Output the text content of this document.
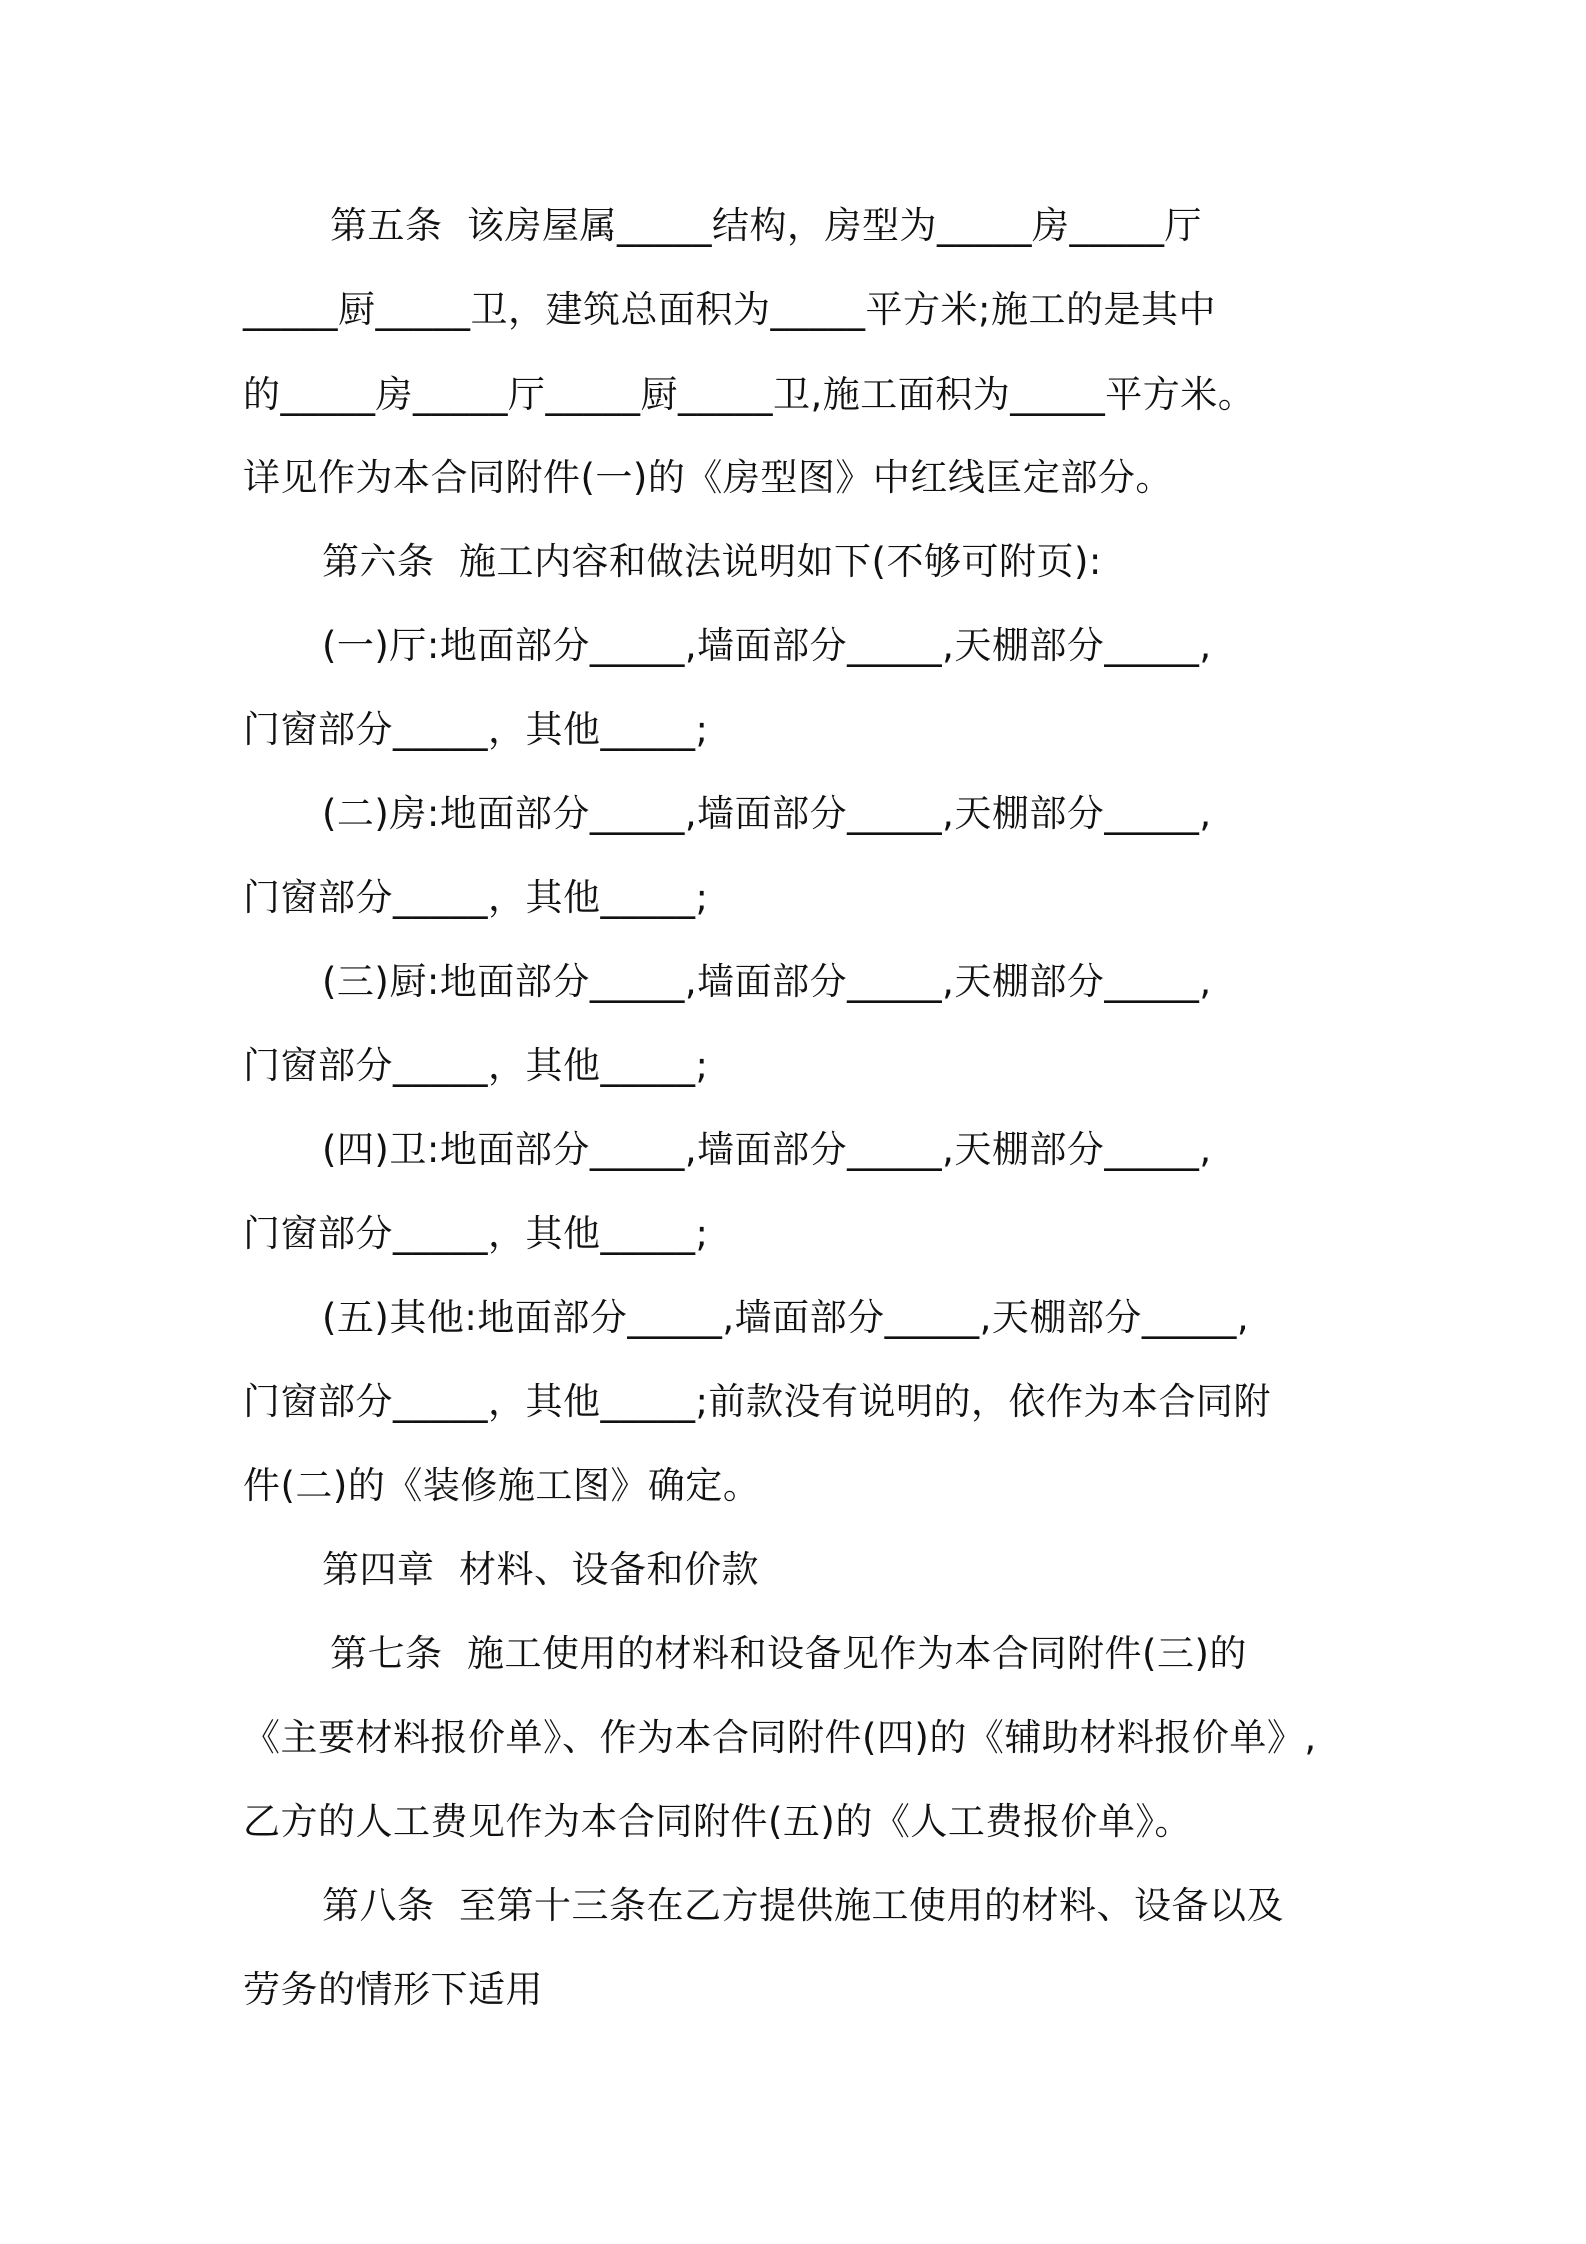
第五条  该房屋属_____结构，房型为_____房_____厅

_____厨_____卫，建筑总面积为_____平方米;施工的是其中

的_____房_____厅_____厨_____卫,施工面积为_____平方米。

详见作为本合同附件(一)的《房型图》中红线匡定部分。

第六条  施工内容和做法说明如下(不够可附页):

(一)厅:地面部分_____,墙面部分_____,天棚部分_____,

门窗部分_____，其他_____;

(二)房:地面部分_____,墙面部分_____,天棚部分_____,

门窗部分_____，其他_____;

(三)厨:地面部分_____,墙面部分_____,天棚部分_____,

门窗部分_____，其他_____;

(四)卫:地面部分_____,墙面部分_____,天棚部分_____,

门窗部分_____，其他_____;

(五)其他:地面部分_____,墙面部分_____,天棚部分_____,

门窗部分_____，其他_____;前款没有说明的，依作为本合同附

件(二)的《装修施工图》确定。

第四章  材料、设备和价款

第七条  施工使用的材料和设备见作为本合同附件(三)的

《主要材料报价单》、作为本合同附件(四)的《辅助材料报价单》,

乙方的人工费见作为本合同附件(五)的《人工费报价单》。

第八条  至第十三条在乙方提供施工使用的材料、设备以及

劳务的情形下适用
